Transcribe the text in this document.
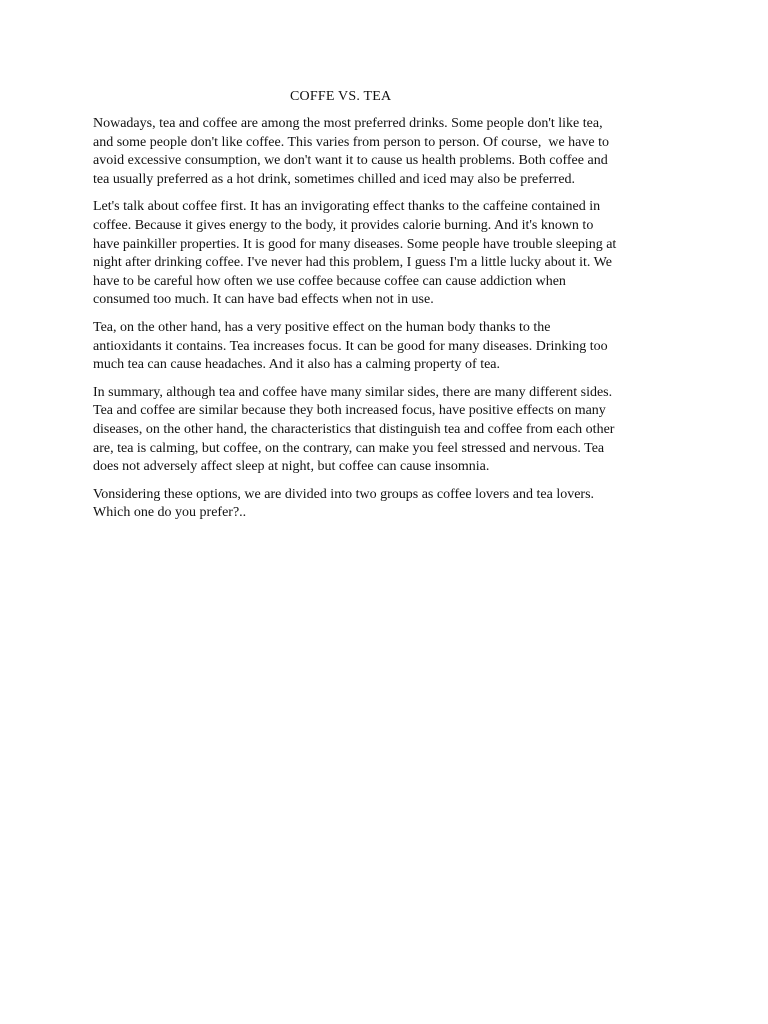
COFFE VS. TEA

Nowadays, tea and coffee are among the most preferred drinks. Some people don't like tea,
and some people don't like coffee. This varies from person to person. Of course,  we have to
avoid excessive consumption, we don't want it to cause us health problems. Both coffee and
tea usually preferred as a hot drink, sometimes chilled and iced may also be preferred.

Let's talk about coffee first. It has an invigorating effect thanks to the caffeine contained in
coffee. Because it gives energy to the body, it provides calorie burning. And it's known to
have painkiller properties. It is good for many diseases. Some people have trouble sleeping at
night after drinking coffee. I've never had this problem, I guess I'm a little lucky about it. We
have to be careful how often we use coffee because coffee can cause addiction when
consumed too much. It can have bad effects when not in use.

Tea, on the other hand, has a very positive effect on the human body thanks to the
antioxidants it contains. Tea increases focus. It can be good for many diseases. Drinking too
much tea can cause headaches. And it also has a calming property of tea.

In summary, although tea and coffee have many similar sides, there are many different sides.
Tea and coffee are similar because they both increased focus, have positive effects on many
diseases, on the other hand, the characteristics that distinguish tea and coffee from each other
are, tea is calming, but coffee, on the contrary, can make you feel stressed and nervous. Tea
does not adversely affect sleep at night, but coffee can cause insomnia.

Vonsidering these options, we are divided into two groups as coffee lovers and tea lovers.
Which one do you prefer?..
